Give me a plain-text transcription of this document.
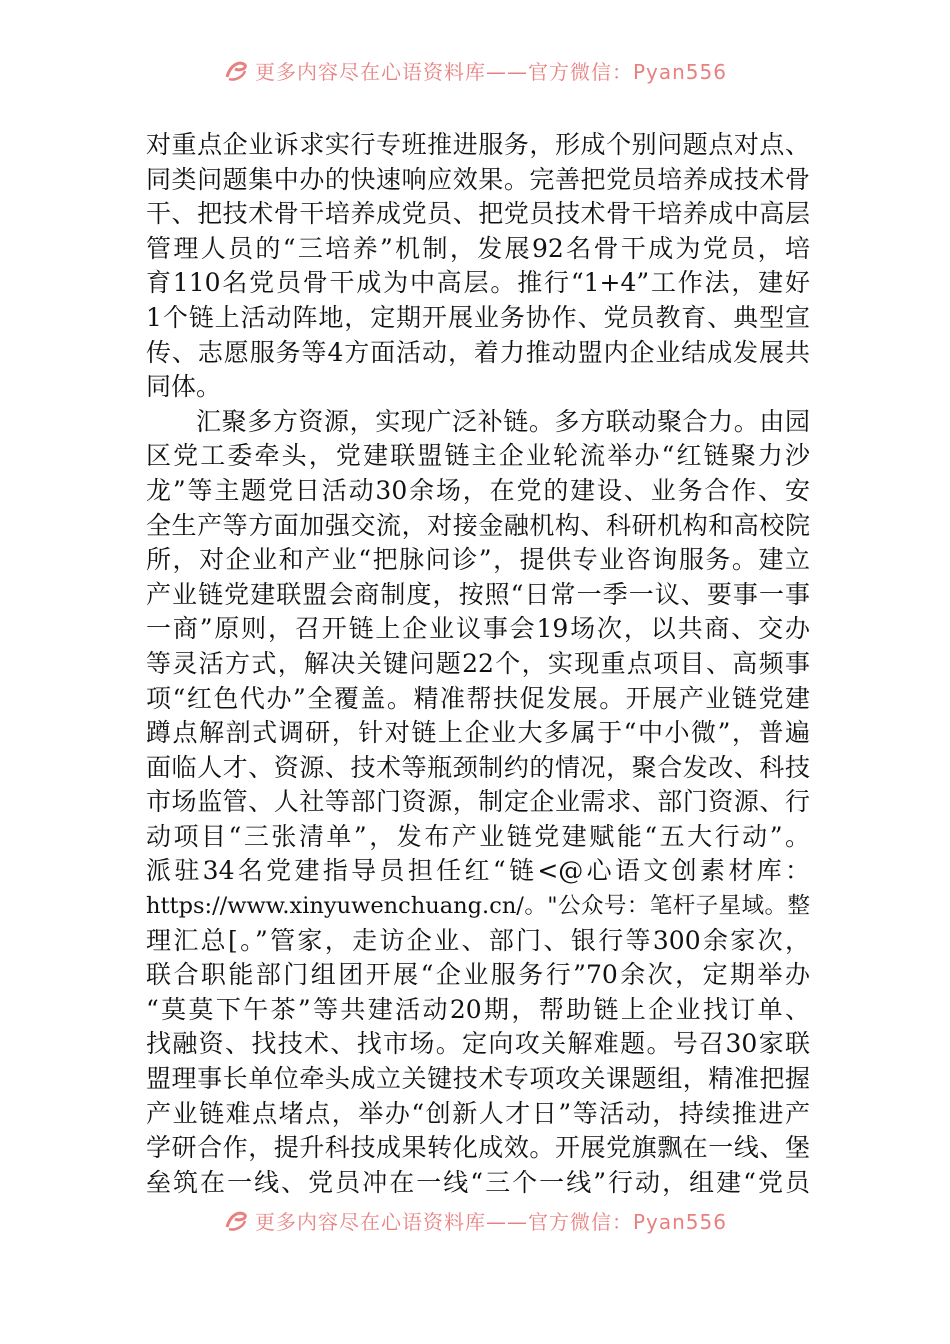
更多内容尽在心语资料库——官方微信：Pyan556
对重点企业诉求实行专班推进服务，形成个别问题点对点、
同类问题集中办的快速响应效果。完善把党员培养成技术骨
干、把技术骨干培养成党员、把党员技术骨干培养成中高层
管理人员的“三培养”机制，发展92名骨干成为党员，培
育110名党员骨干成为中高层。推行“1+4”工作法，建好
1个链上活动阵地，定期开展业务协作、党员教育、典型宣
传、志愿服务等4方面活动，着力推动盟内企业结成发展共
同体。
汇聚多方资源，实现广泛补链。多方联动聚合力。由园
区党工委牵头，党建联盟链主企业轮流举办“红链聚力沙
龙”等主题党日活动30余场，在党的建设、业务合作、安
全生产等方面加强交流，对接金融机构、科研机构和高校院
所，对企业和产业“把脉问诊”，提供专业咨询服务。建立
产业链党建联盟会商制度，按照“日常一季一议、要事一事
一商”原则，召开链上企业议事会19场次，以共商、交办
等灵活方式，解决关键问题22个，实现重点项目、高频事
项“红色代办”全覆盖。精准帮扶促发展。开展产业链党建
蹲点解剖式调研，针对链上企业大多属于“中小微”，普遍
面临人才、资源、技术等瓶颈制约的情况，聚合发改、科技
市场监管、人社等部门资源，制定企业需求、部门资源、行
动项目“三张清单”，发布产业链党建赋能“五大行动”。
派驻34名党建指导员担任红“链<@心语文创素材库：
https://www.xinyuwenchuang.cn/。"公众号：笔杆子星域。整
理汇总[。”管家，走访企业、部门、银行等300余家次，
联合职能部门组团开展“企业服务行”70余次，定期举办
“莫莫下午茶”等共建活动20期，帮助链上企业找订单、
找融资、找技术、找市场。定向攻关解难题。号召30家联
盟理事长单位牵头成立关键技术专项攻关课题组，精准把握
产业链难点堵点，举办“创新人才日”等活动，持续推进产
学研合作，提升科技成果转化成效。开展党旗飘在一线、堡
垒筑在一线、党员冲在一线“三个一线”行动，组建“党员
更多内容尽在心语资料库——官方微信：Pyan556
